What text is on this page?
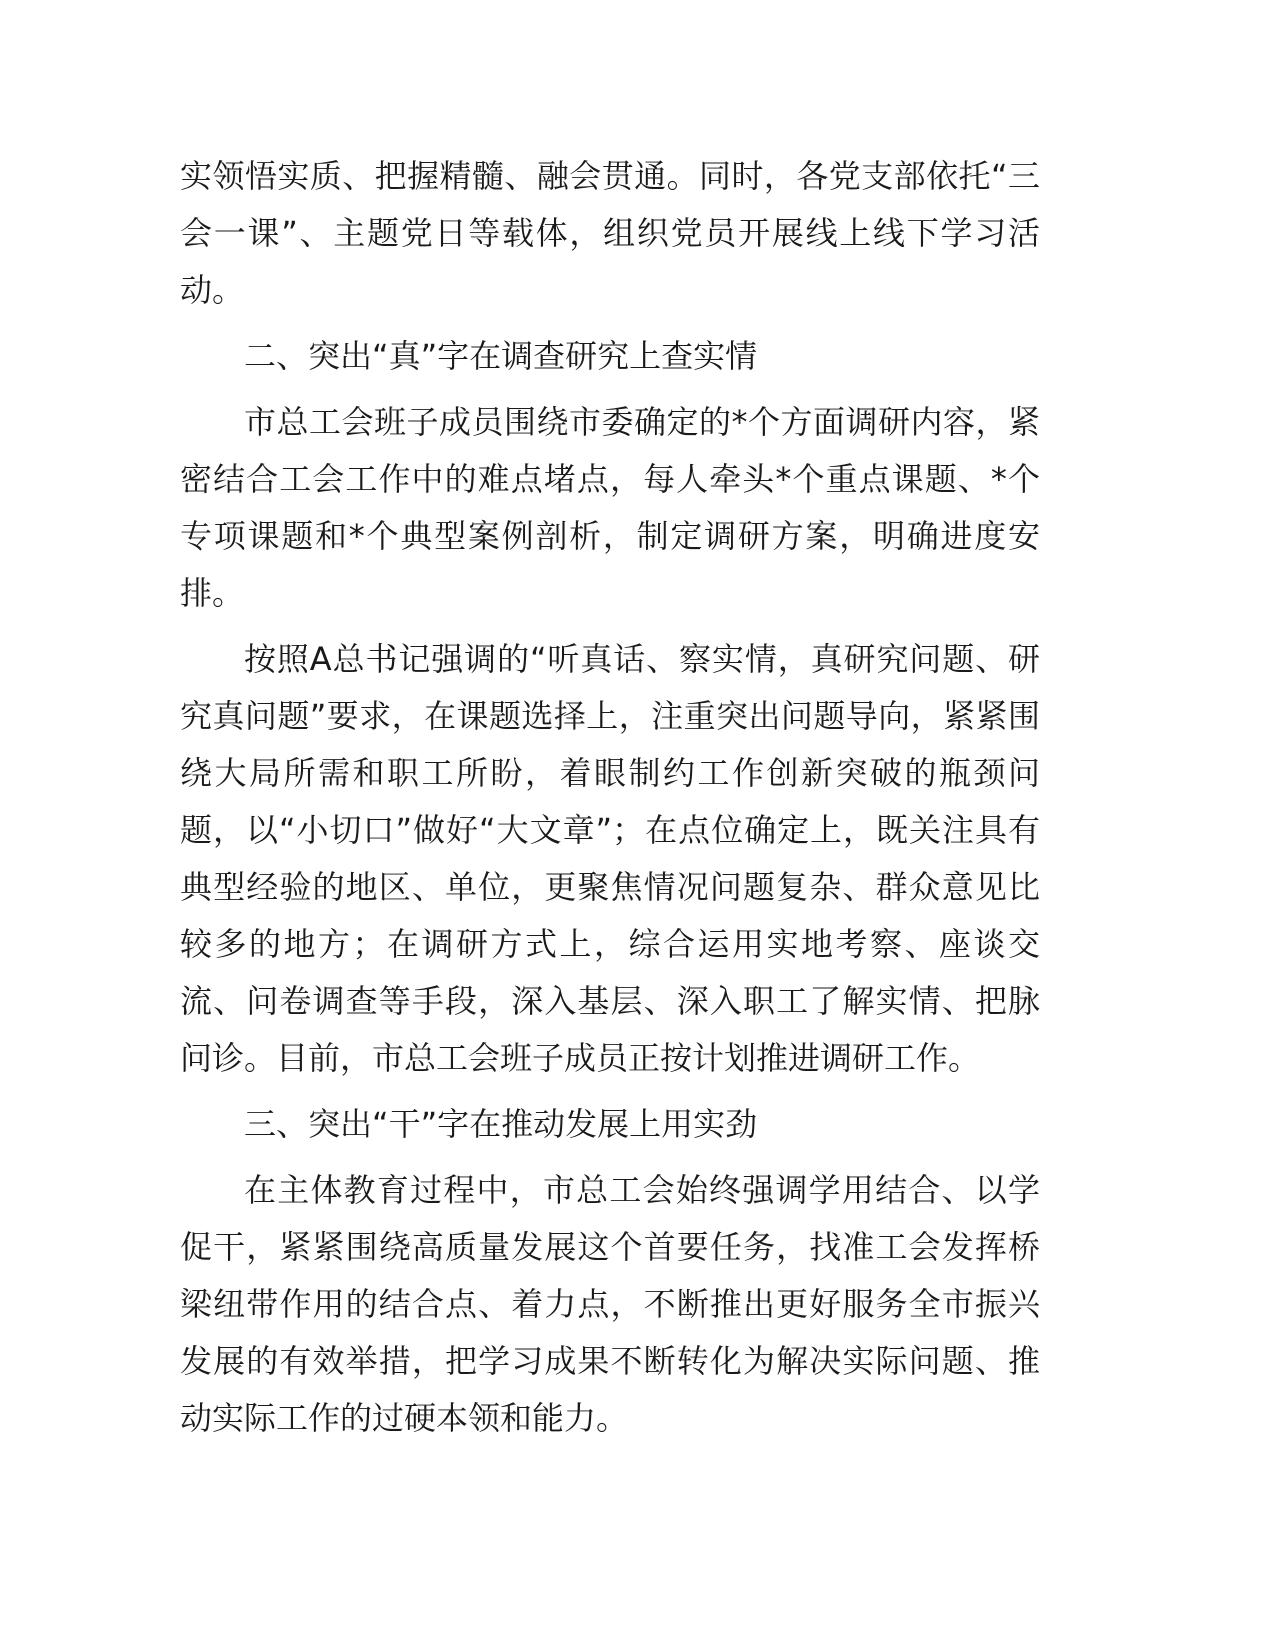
实领悟实质、把握精髓、融会贯通。同时，各党支部依托“三会一课”、主题党日等载体，组织党员开展线上线下学习活动。

二、突出“真”字在调查研究上查实情

市总工会班子成员围绕市委确定的*个方面调研内容，紧密结合工会工作中的难点堵点，每人牵头*个重点课题、*个专项课题和*个典型案例剖析，制定调研方案，明确进度安排。

按照A总书记强调的“听真话、察实情，真研究问题、研究真问题”要求，在课题选择上，注重突出问题导向，紧紧围绕大局所需和职工所盼，着眼制约工作创新突破的瓶颈问题，以“小切口”做好“大文章”；在点位确定上，既关注具有典型经验的地区、单位，更聚焦情况问题复杂、群众意见比较多的地方；在调研方式上，综合运用实地考察、座谈交流、问卷调查等手段，深入基层、深入职工了解实情、把脉问诊。目前，市总工会班子成员正按计划推进调研工作。

三、突出“干”字在推动发展上用实劲

在主体教育过程中，市总工会始终强调学用结合、以学促干，紧紧围绕高质量发展这个首要任务，找准工会发挥桥梁纽带作用的结合点、着力点，不断推出更好服务全市振兴发展的有效举措，把学习成果不断转化为解决实际问题、推动实际工作的过硬本领和能力。
